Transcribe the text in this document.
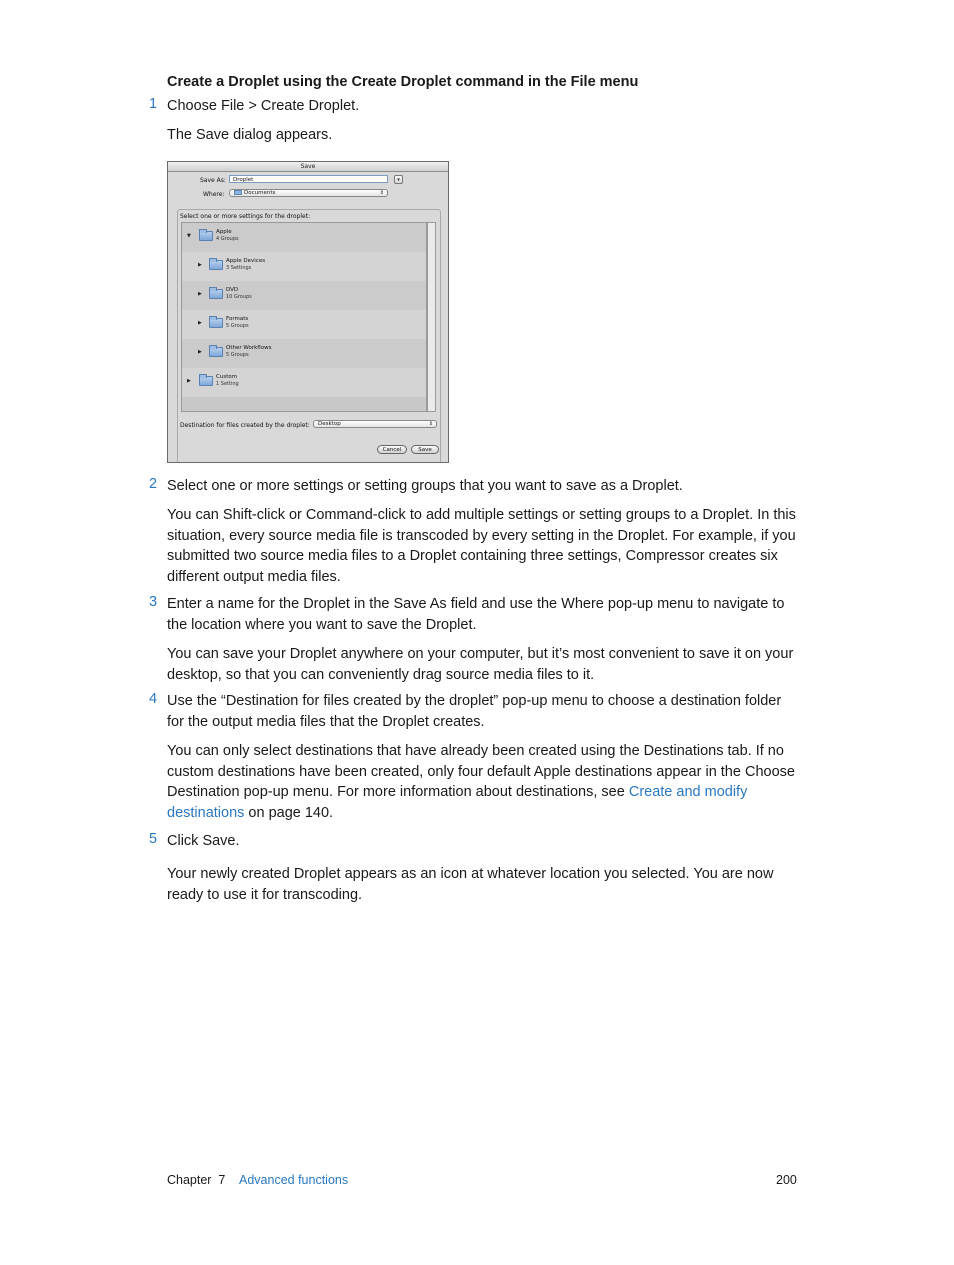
Create a Droplet using the Create Droplet command in the File menu
1 Choose File > Create Droplet.
The Save dialog appears.
Save
Save As:	Droplet	▾
Where:	Documents	⇕
Select one or more settings for the droplet:
▼
Apple
4 Groups
▶
Apple Devices
3 Settings
▶
DVD
10 Groups
▶
Formats
5 Groups
▶
Other Workflows
5 Groups
▶
Custom
1 Setting
Destination for files created by the droplet:	Desktop	⇕
Cancel	Save
2 Select one or more settings or setting groups that you want to save as a Droplet.
You can Shift-click or Command-click to add multiple settings or setting groups to a Droplet. In this situation, every source media file is transcoded by every setting in the Droplet. For example, if you submitted two source media files to a Droplet containing three settings, Compressor creates six different output media files.
3 Enter a name for the Droplet in the Save As field and use the Where pop-up menu to navigate to the location where you want to save the Droplet.
You can save your Droplet anywhere on your computer, but it’s most convenient to save it on your desktop, so that you can conveniently drag source media files to it.
4 Use the “Destination for files created by the droplet” pop-up menu to choose a destination folder for the output media files that the Droplet creates.
You can only select destinations that have already been created using the Destinations tab. If no custom destinations have been created, only four default Apple destinations appear in the Choose Destination pop-up menu. For more information about destinations, see Create and modify destinations on page 140.
5 Click Save.
Your newly created Droplet appears as an icon at whatever location you selected. You are now ready to use it for transcoding.
Chapter  7 Advanced functions	200
